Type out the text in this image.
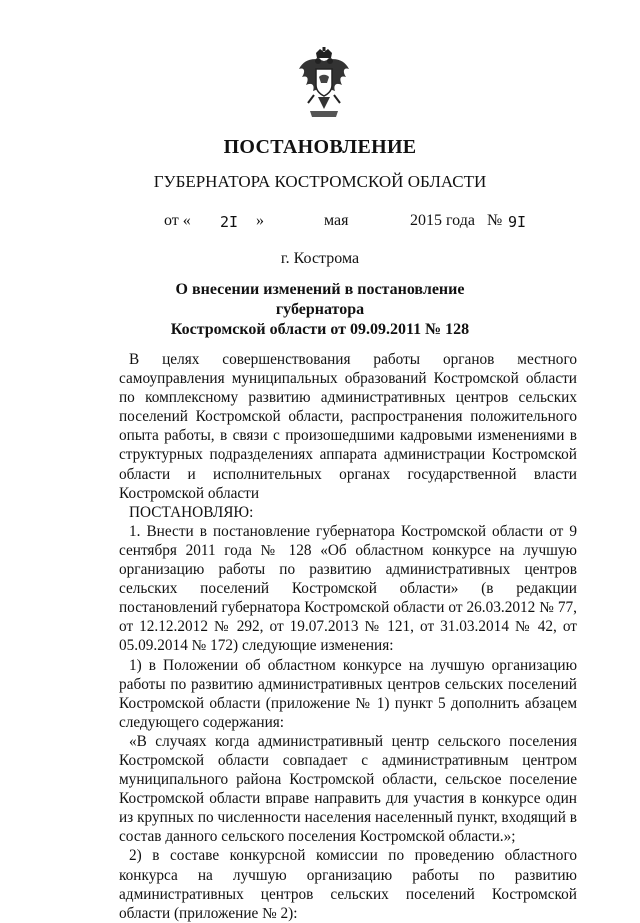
ПОСТАНОВЛЕНИЕ
ГУБЕРНАТОРА КОСТРОМСКОЙ ОБЛАСТИ
от « 2I »	мая	2015 года № 9I
г. Кострома
О внесении изменений в постановление губернатора
Костромской области от 09.09.2011 № 128

В целях совершенствования работы органов местного самоуправления муниципальных образований Костромской области по комплексному развитию административных центров сельских поселений Костромской области, распространения положительного опыта работы, в связи с произошедшими кадровыми изменениями в структурных подразделениях аппарата администрации Костромской области и исполнительных органах государственной власти Костромской области

ПОСТАНОВЛЯЮ:

1. Внести в постановление губернатора Костромской области от 9 сентября 2011 года № 128 «Об областном конкурсе на лучшую организацию работы по развитию административных центров сельских поселений Костромской области» (в редакции постановлений губернатора Костромской области от 26.03.2012 № 77, от 12.12.2012 № 292, от 19.07.2013 № 121, от 31.03.2014 № 42, от 05.09.2014 № 172) следующие изменения:

1) в Положении об областном конкурсе на лучшую организацию работы по развитию административных центров сельских поселений Костромской области (приложение № 1) пункт 5 дополнить абзацем следующего содержания:

«В случаях когда административный центр сельского поселения Костромской области совпадает с административным центром муниципального района Костромской области, сельское поселение Костромской области вправе направить для участия в конкурсе один из крупных по численности населения населенный пункт, входящий в состав данного сельского поселения Костромской области.»;

2) в составе конкурсной комиссии по проведению областного конкурса на лучшую организацию работы по развитию административных центров сельских поселений Костромской области (приложение № 2):
